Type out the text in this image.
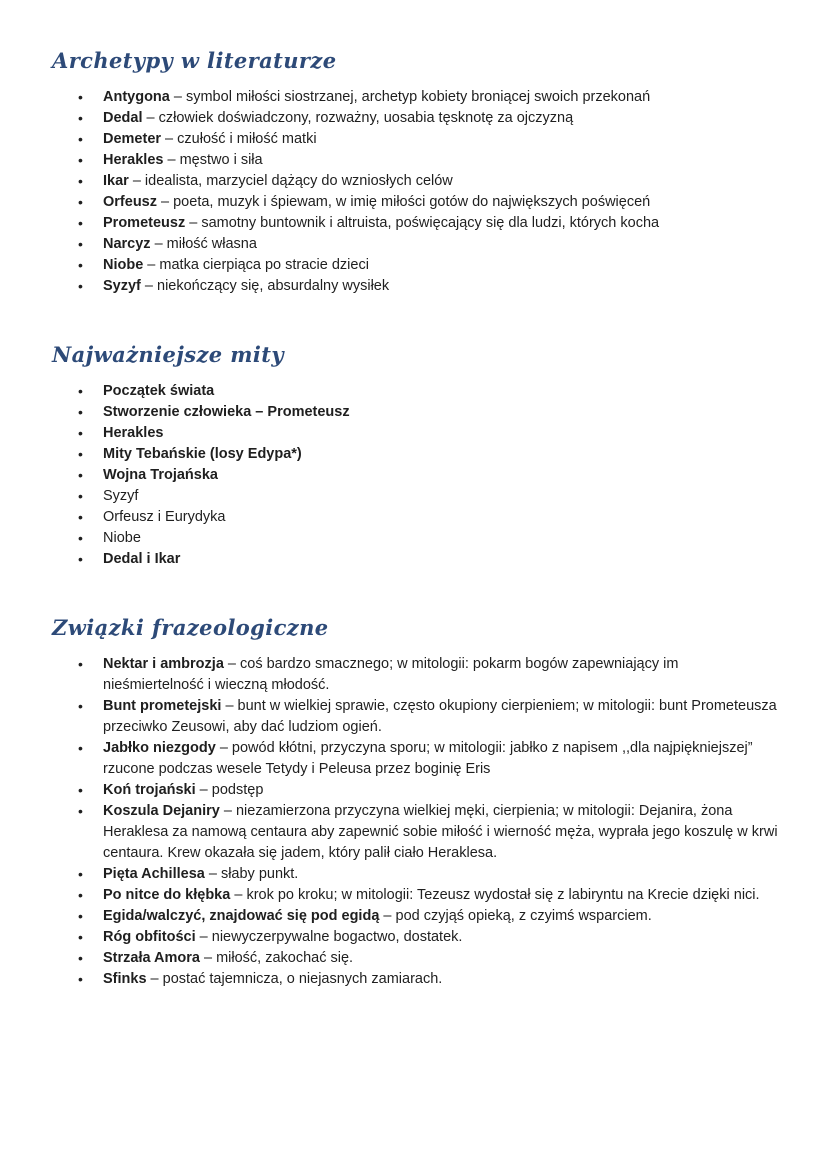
Archetypy w literaturze
• Antygona – symbol miłości siostrzanej, archetyp kobiety broniącej swoich przekonań
• Dedal – człowiek doświadczony, rozważny, uosabia tęsknotę za ojczyzną
• Demeter – czułość i miłość matki
• Herakles – męstwo i siła
• Ikar – idealista, marzyciel dążący do wzniosłych celów
• Orfeusz – poeta, muzyk i śpiewam, w imię miłości gotów do największych poświęceń
• Prometeusz – samotny buntownik i altruista, poświęcający się dla ludzi, których kocha
• Narcyz – miłość własna
• Niobe – matka cierpiąca po stracie dzieci
• Syzyf – niekończący się, absurdalny wysiłek
Najważniejsze mity
• Początek świata
• Stworzenie człowieka – Prometeusz
• Herakles
• Mity Tebańskie (losy Edypa*)
• Wojna Trojańska
• Syzyf
• Orfeusz i Eurydyka
• Niobe
• Dedal i Ikar
Związki frazeologiczne
• Nektar i ambrozja – coś bardzo smacznego; w mitologii: pokarm bogów zapewniający im nieśmiertelność i wieczną młodość.
• Bunt prometejski – bunt w wielkiej sprawie, często okupiony cierpieniem; w mitologii: bunt Prometeusza przeciwko Zeusowi, aby dać ludziom ogień.
• Jabłko niezgody – powód kłótni, przyczyna sporu; w mitologii: jabłko z napisem ,,dla najpiękniejszej” rzucone podczas wesele Tetydy i Peleusa przez boginię Eris
• Koń trojański – podstęp
• Koszula Dejaniry – niezamierzona przyczyna wielkiej męki, cierpienia; w mitologii: Dejanira, żona Heraklesa za namową centaura aby zapewnić sobie miłość i wierność męża, wyprała jego koszulę w krwi centaura. Krew okazała się jadem, który palił ciało Heraklesa.
• Pięta Achillesa – słaby punkt.
• Po nitce do kłębka – krok po kroku; w mitologii: Tezeusz wydostał się z labiryntu na Krecie dzięki nici.
• Egida/walczyć, znajdować się pod egidą – pod czyjąś opieką, z czyimś wsparciem.
• Róg obfitości – niewyczerpywalne bogactwo, dostatek.
• Strzała Amora – miłość, zakochać się.
• Sfinks – postać tajemnicza, o niejasnych zamiarach.
